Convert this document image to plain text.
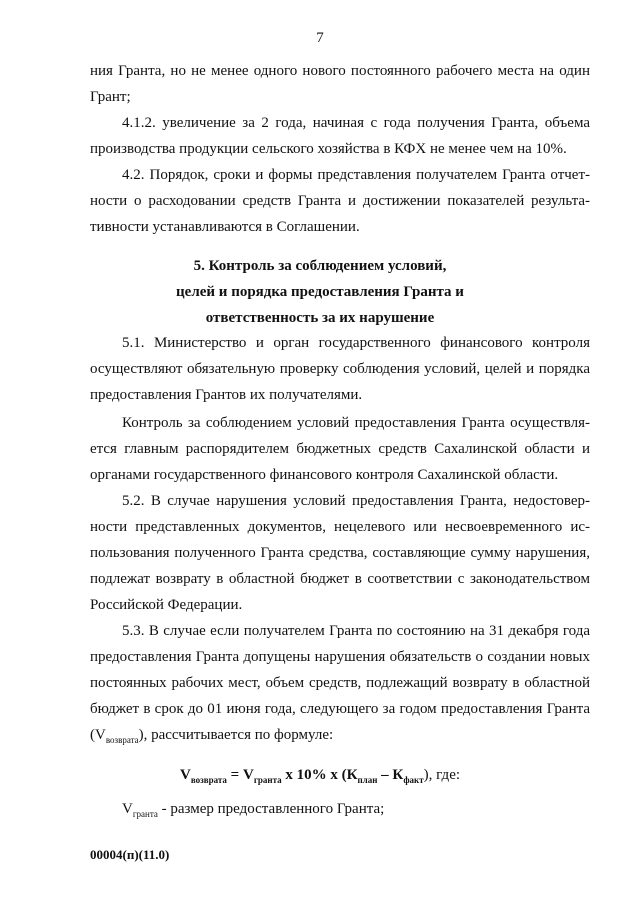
7
ния Гранта, но не менее одного нового постоянного рабочего места на один
Грант;
4.1.2. увеличение за 2 года, начиная с года получения Гранта, объема
производства продукции сельского хозяйства в КФХ не менее чем на 10%.
4.2. Порядок, сроки и формы представления получателем Гранта отчет-
ности о расходовании средств Гранта и достижении показателей результа-
тивности устанавливаются в Соглашении.
5. Контроль за соблюдением условий,
целей и порядка предоставления Гранта и
ответственность за их нарушение
5.1. Министерство и орган государственного финансового контроля
осуществляют обязательную проверку соблюдения условий, целей и порядка
предоставления Грантов их получателями.
Контроль за соблюдением условий предоставления Гранта осуществля-
ется главным распорядителем бюджетных средств Сахалинской области и
органами государственного финансового контроля Сахалинской области.
5.2. В случае нарушения условий предоставления Гранта, недостовер-
ности представленных документов, нецелевого или несвоевременного ис-
пользования полученного Гранта средства, составляющие сумму нарушения,
подлежат возврату в областной бюджет в соответствии с законодательством
Российской Федерации.
5.3. В случае если получателем Гранта по состоянию на 31 декабря года
предоставления Гранта допущены нарушения обязательств о создании новых
постоянных рабочих мест, объем средств, подлежащий возврату в областной
бюджет в срок до 01 июня года, следующего за годом предоставления Гранта
$(V_{возврата})$, рассчитывается по формуле:
$V_{возврата} = V_{гранта}$ x 10% x $(К_{план} - К_{факт})$, где:
$V_{гранта}$ - размер предоставленного Гранта;
00004(п)(11.0)
